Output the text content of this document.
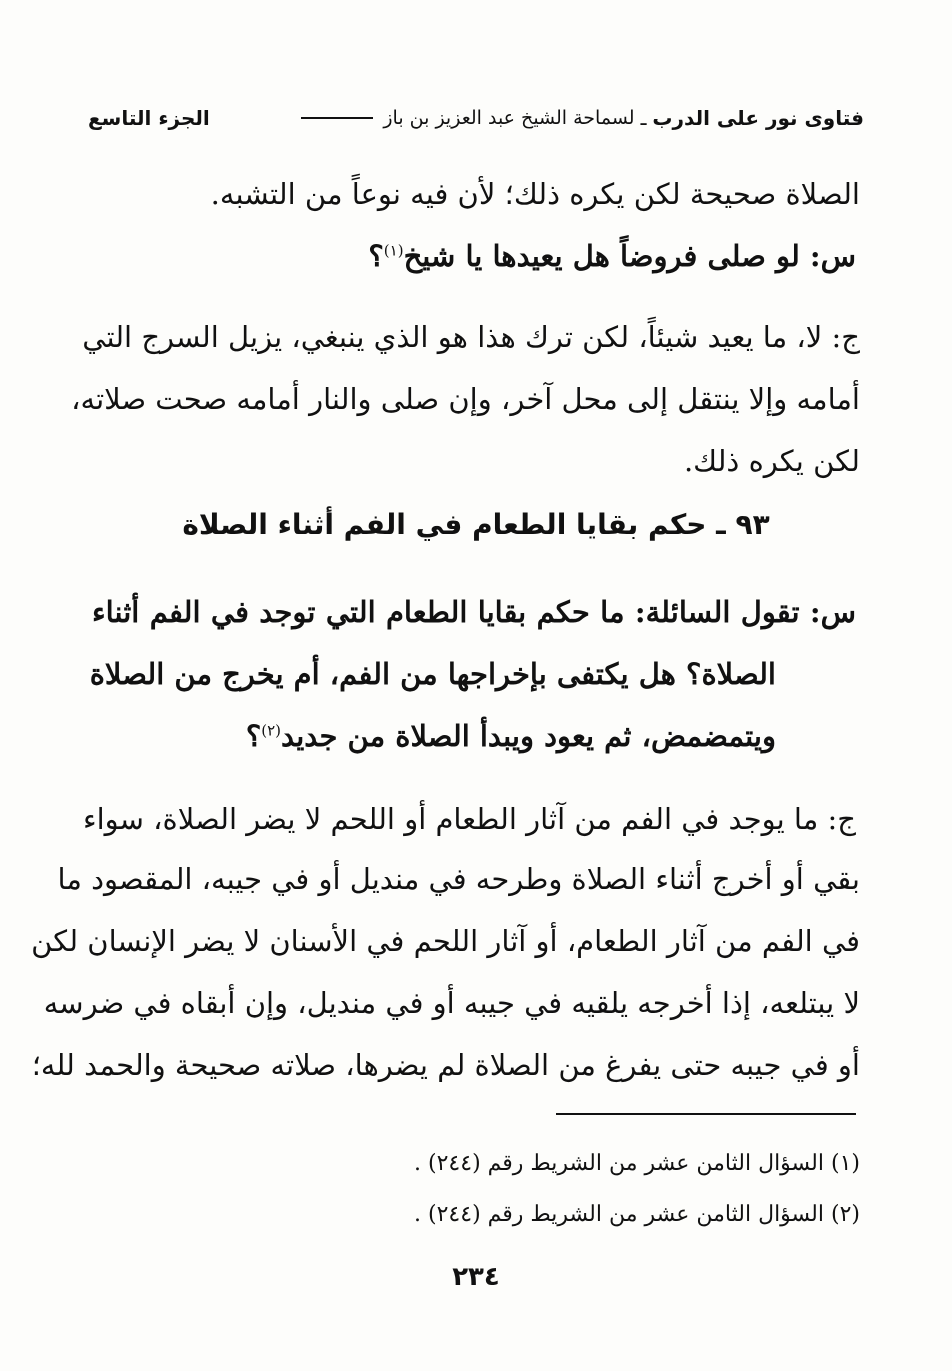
فتاوى نور على الدرب
ـ
لسماحة الشيخ عبد العزيز بن باز
الجزء التاسع
الصلاة صحيحة لكن يكره ذلك؛ لأن فيه نوعاً من التشبه.
س: لو صلى فروضاً هل يعيدها يا شيخ$^{(١)}$؟
ج: لا، ما يعيد شيئاً، لكن ترك هذا هو الذي ينبغي، يزيل السرج التي
أمامه وإلا ينتقل إلى محل آخر، وإن صلى والنار أمامه صحت صلاته،
لكن يكره ذلك.
٩٣ ـ حكم بقايا الطعام في الفم أثناء الصلاة
س: تقول السائلة: ما حكم بقايا الطعام التي توجد في الفم أثناء
الصلاة؟ هل يكتفى بإخراجها من الفم، أم يخرج من الصلاة
ويتمضمض، ثم يعود ويبدأ الصلاة من جديد$^{(٢)}$؟
ج: ما يوجد في الفم من آثار الطعام أو اللحم لا يضر الصلاة، سواء
بقي أو أخرج أثناء الصلاة وطرحه في منديل أو في جيبه، المقصود ما
في الفم من آثار الطعام، أو آثار اللحم في الأسنان لا يضر الإنسان لكن
لا يبتلعه، إذا أخرجه يلقيه في جيبه أو في منديل، وإن أبقاه في ضرسه
أو في جيبه حتى يفرغ من الصلاة لم يضرها، صلاته صحيحة والحمد لله؛
(١) السؤال الثامن عشر من الشريط رقم (٢٤٤) .
(٢) السؤال الثامن عشر من الشريط رقم (٢٤٤) .
٢٣٤
